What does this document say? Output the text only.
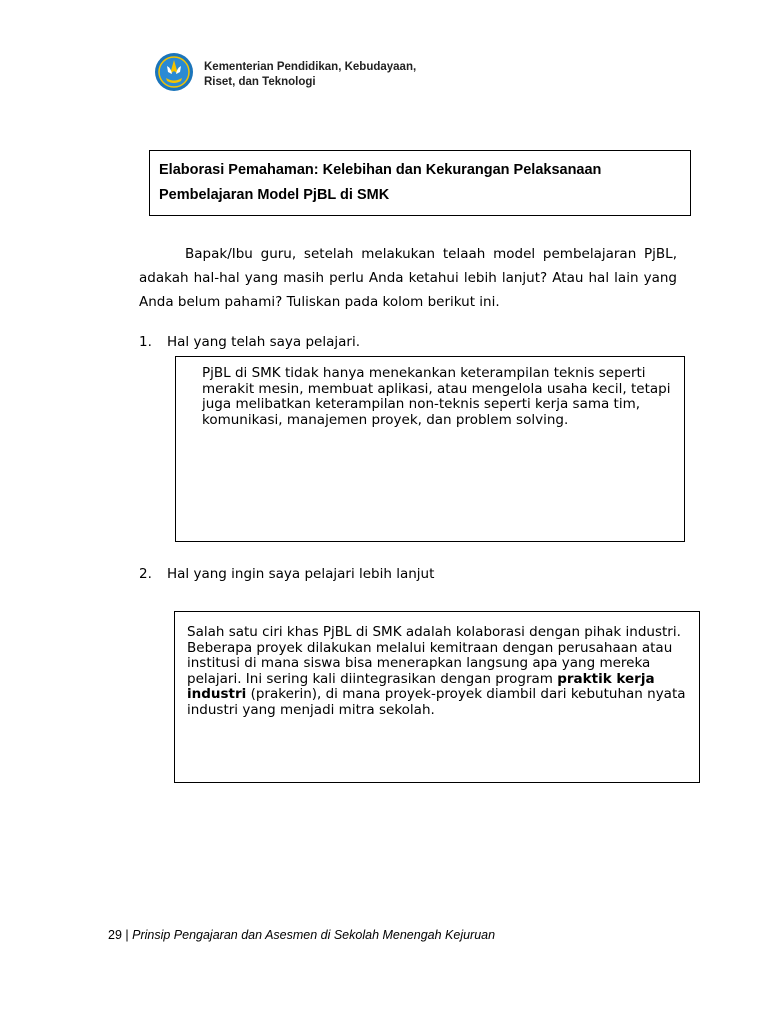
Kementerian Pendidikan, Kebudayaan,
Riset, dan Teknologi
Elaborasi Pemahaman: Kelebihan dan Kekurangan Pelaksanaan
Pembelajaran Model PjBL di SMK
Bapak/Ibu guru, setelah melakukan telaah model pembelajaran PjBL, adakah hal-hal yang masih perlu Anda ketahui lebih lanjut? Atau hal lain yang Anda belum pahami? Tuliskan pada kolom berikut ini.
1. Hal yang telah saya pelajari.
PjBL di SMK tidak hanya menekankan keterampilan teknis seperti merakit mesin, membuat aplikasi, atau mengelola usaha kecil, tetapi juga melibatkan keterampilan non-teknis seperti kerja sama tim, komunikasi, manajemen proyek, dan problem solving.
2. Hal yang ingin saya pelajari lebih lanjut
Salah satu ciri khas PjBL di SMK adalah kolaborasi dengan pihak industri. Beberapa proyek dilakukan melalui kemitraan dengan perusahaan atau institusi di mana siswa bisa menerapkan langsung apa yang mereka pelajari. Ini sering kali diintegrasikan dengan program praktik kerja industri (prakerin), di mana proyek-proyek diambil dari kebutuhan nyata industri yang menjadi mitra sekolah.
29 | Prinsip Pengajaran dan Asesmen di Sekolah Menengah Kejuruan
